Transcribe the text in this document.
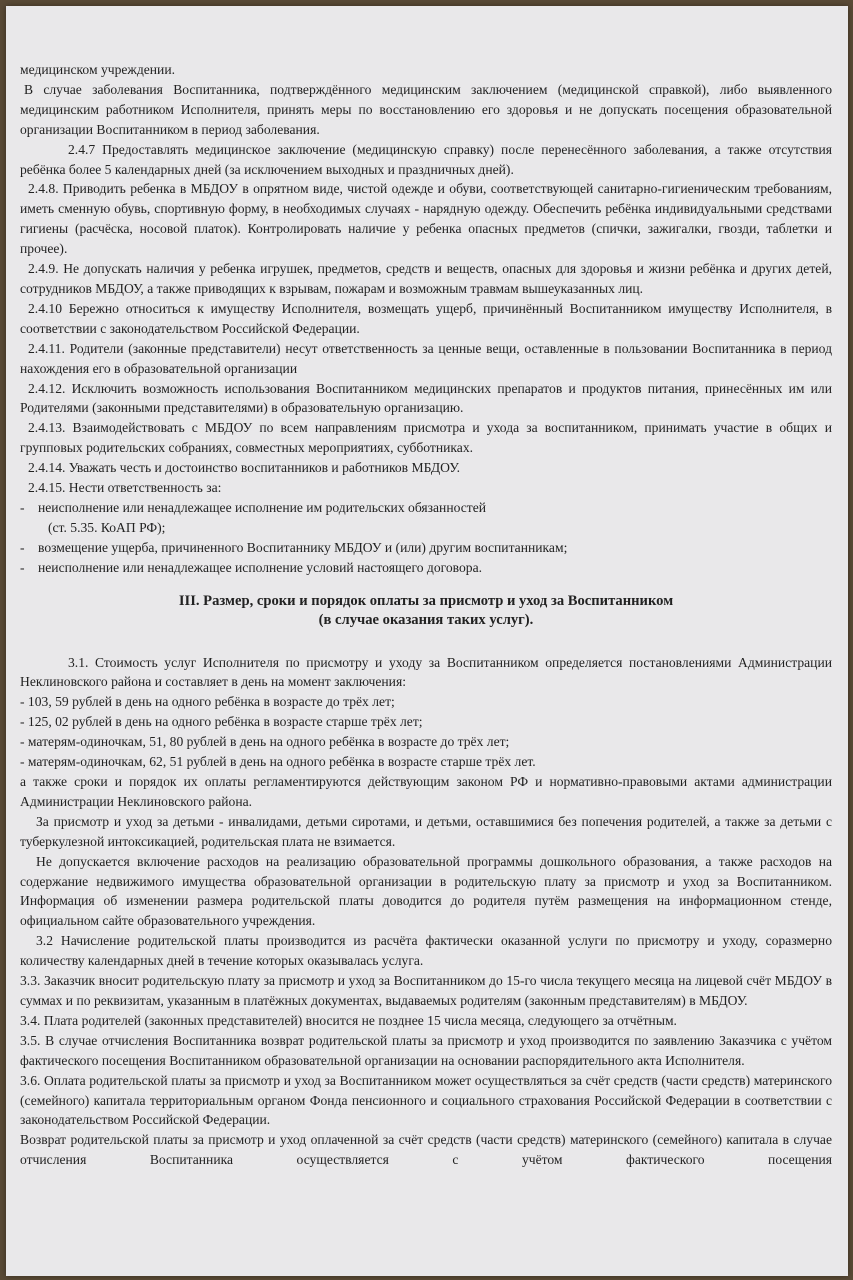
медицинском учреждении.

В случае заболевания Воспитанника, подтверждённого медицинским заключением (медицинской справкой), либо выявленного медицинским работником Исполнителя, принять меры по восстановлению его здоровья и не допускать посещения образовательной организации Воспитанником в период заболевания.

2.4.7 Предоставлять медицинское заключение (медицинскую справку) после перенесённого заболевания, а также отсутствия ребёнка более 5 календарных дней (за исключением выходных и праздничных дней).

2.4.8. Приводить ребенка в МБДОУ в опрятном виде, чистой одежде и обуви, соответствующей санитарно-гигиеническим требованиям, иметь сменную обувь, спортивную форму, в необходимых случаях - нарядную одежду. Обеспечить ребёнка индивидуальными средствами гигиены (расчёска, носовой платок). Контролировать наличие у ребенка опасных предметов (спички, зажигалки, гвозди, таблетки и прочее).

2.4.9. Не допускать наличия у ребенка игрушек, предметов, средств и веществ, опасных для здоровья и жизни ребёнка и других детей, сотрудников МБДОУ, а также приводящих к взрывам, пожарам и возможным травмам вышеуказанных лиц.

2.4.10 Бережно относиться к имуществу Исполнителя, возмещать ущерб, причинённый Воспитанником имуществу Исполнителя, в соответствии с законодательством Российской Федерации.

2.4.11. Родители (законные представители) несут ответственность за ценные вещи, оставленные в пользовании Воспитанника в период нахождения его в образовательной организации

2.4.12. Исключить возможность использования Воспитанником медицинских препаратов и продуктов питания, принесённых им или Родителями (законными представителями) в образовательную организацию.

2.4.13. Взаимодействовать с МБДОУ по всем направлениям присмотра и ухода за воспитанником, принимать участие в общих и групповых родительских собраниях, совместных мероприятиях, субботниках.

2.4.14. Уважать честь и достоинство воспитанников и работников МБДОУ.

2.4.15. Нести ответственность за:

- неисполнение или ненадлежащее исполнение им родительских обязанностей

(ст. 5.35. КоАП РФ);

- возмещение ущерба, причиненного Воспитаннику МБДОУ и (или) другим воспитанникам;
- неисполнение или ненадлежащее исполнение условий настоящего договора.

III. Размер, сроки и порядок оплаты за присмотр и уход за Воспитанником

(в случае оказания таких услуг).

3.1. Стоимость услуг Исполнителя по присмотру и уходу за Воспитанником определяется постановлениями Администрации Неклиновского района и составляет в день на момент заключения:

- 103, 59 рублей в день на одного ребёнка в возрасте до трёх лет;

- 125, 02 рублей в день на одного ребёнка в возрасте старше трёх лет;

- матерям-одиночкам, 51, 80 рублей в день на одного ребёнка в возрасте до трёх лет;

- матерям-одиночкам, 62, 51 рублей в день на одного ребёнка в возрасте старше трёх лет.

а также сроки и порядок их оплаты регламентируются действующим законом РФ и нормативно-правовыми актами администрации Администрации Неклиновского района.

За присмотр и уход за детьми - инвалидами, детьми сиротами, и детьми, оставшимися без попечения родителей, а также за детьми с туберкулезной интоксикацией, родительская плата не взимается.

Не допускается включение расходов на реализацию образовательной программы дошкольного образования, а также расходов на содержание недвижимого имущества образовательной организации в родительскую плату за присмотр и уход за Воспитанником. Информация об изменении размера родительской платы доводится до родителя путём размещения на информационном стенде, официальном сайте образовательного учреждения.

3.2 Начисление родительской платы производится из расчёта фактически оказанной услуги по присмотру и уходу, соразмерно количеству календарных дней в течение которых оказывалась услуга.

3.3. Заказчик вносит родительскую плату за присмотр и уход за Воспитанником до 15-го числа текущего месяца на лицевой счёт МБДОУ в суммах и по реквизитам, указанным в платёжных документах, выдаваемых родителям (законным представителям) в МБДОУ.

3.4. Плата родителей (законных представителей) вносится не позднее 15 числа месяца, следующего за отчётным.

3.5. В случае отчисления Воспитанника возврат родительской платы за присмотр и уход производится по заявлению Заказчика с учётом фактического посещения Воспитанником образовательной организации на основании распорядительного акта Исполнителя.

3.6. Оплата родительской платы за присмотр и уход за Воспитанником может осуществляться за счёт средств (части средств) материнского (семейного) капитала территориальным органом Фонда пенсионного и социального страхования Российской Федерации в соответствии с законодательством Российской Федерации.

Возврат родительской платы за присмотр и уход оплаченной за счёт средств (части средств) материнского (семейного) капитала в случае отчисления Воспитанника осуществляется с учётом фактического посещения
